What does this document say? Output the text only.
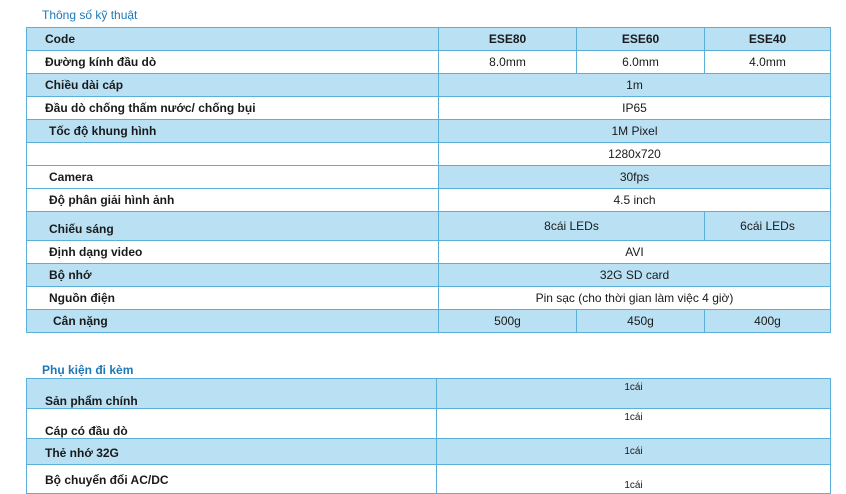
Thông số kỹ thuật
Code	ESE80	ESE60	ESE40
Đường kính đầu dò	8.0mm	6.0mm	4.0mm
Chiều dài cáp	1m		
Đầu dò chống thấm nước/ chống bụi	IP65		
Tốc độ khung hình	1M Pixel		
	1280x720		
Camera	30fps		
Độ phân giải hình ảnh	4.5 inch		
Chiếu sáng	8cái LEDs		6cái LEDs
Định dạng video	AVI		
Bộ nhớ	32G SD card		
Nguồn điện	Pin sạc (cho thời gian làm việc 4 giờ)		
Cân nặng	500g	450g	400g
Phụ kiện đi kèm
Sản phẩm chính	1cái
Cáp có đầu dò	1cái
Thẻ nhớ 32G	1cái
Bộ chuyển đổi AC/DC	1cái
